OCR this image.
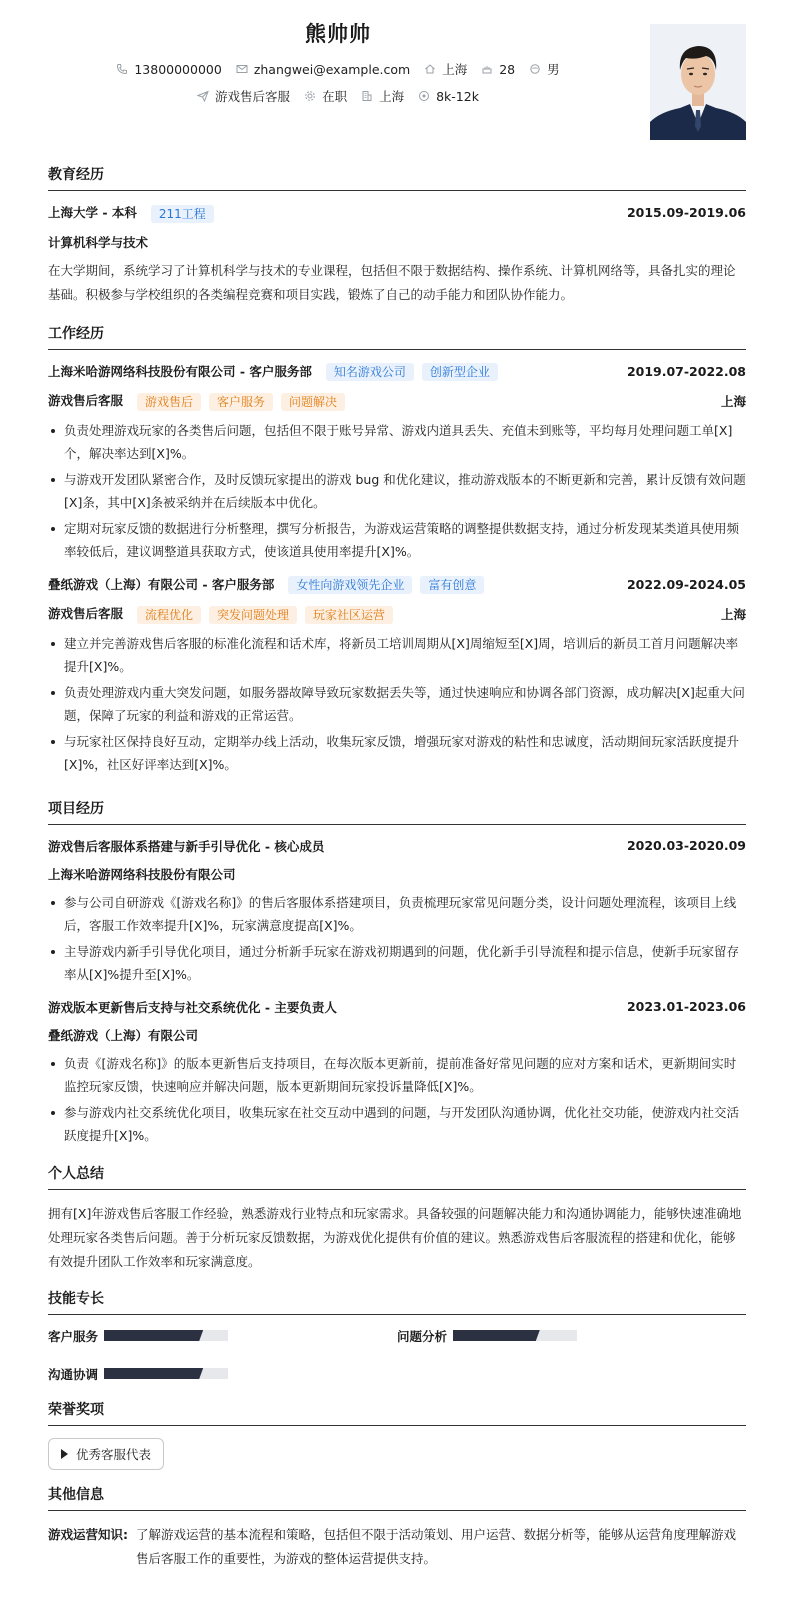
熊帅帅
13800000000	zhangwei@example.com	上海	28	男
游戏售后客服	在职	上海	8k-12k
教育经历
上海大学 - 本科	211工程	2015.09-2019.06
计算机科学与技术
在大学期间，系统学习了计算机科学与技术的专业课程，包括但不限于数据结构、操作系统、计算机网络等，具备扎实的理论基础。积极参与学校组织的各类编程竞赛和项目实践，锻炼了自己的动手能力和团队协作能力。
工作经历
上海米哈游网络科技股份有限公司 - 客户服务部	知名游戏公司	创新型企业	2019.07-2022.08
游戏售后客服	游戏售后	客户服务	问题解决	上海
负责处理游戏玩家的各类售后问题，包括但不限于账号异常、游戏内道具丢失、充值未到账等，平均每月处理问题工单[X]个，解决率达到[X]%。
与游戏开发团队紧密合作，及时反馈玩家提出的游戏 bug 和优化建议，推动游戏版本的不断更新和完善，累计反馈有效问题[X]条，其中[X]条被采纳并在后续版本中优化。
定期对玩家反馈的数据进行分析整理，撰写分析报告，为游戏运营策略的调整提供数据支持，通过分析发现某类道具使用频率较低后，建议调整道具获取方式，使该道具使用率提升[X]%。
叠纸游戏（上海）有限公司 - 客户服务部	女性向游戏领先企业	富有创意	2022.09-2024.05
游戏售后客服	流程优化	突发问题处理	玩家社区运营	上海
建立并完善游戏售后客服的标准化流程和话术库，将新员工培训周期从[X]周缩短至[X]周，培训后的新员工首月问题解决率提升[X]%。
负责处理游戏内重大突发问题，如服务器故障导致玩家数据丢失等，通过快速响应和协调各部门资源，成功解决[X]起重大问题，保障了玩家的利益和游戏的正常运营。
与玩家社区保持良好互动，定期举办线上活动，收集玩家反馈，增强玩家对游戏的粘性和忠诚度，活动期间玩家活跃度提升[X]%，社区好评率达到[X]%。
项目经历
游戏售后客服体系搭建与新手引导优化 - 核心成员	2020.03-2020.09
上海米哈游网络科技股份有限公司
参与公司自研游戏《[游戏名称]》的售后客服体系搭建项目，负责梳理玩家常见问题分类，设计问题处理流程，该项目上线后，客服工作效率提升[X]%，玩家满意度提高[X]%。
主导游戏内新手引导优化项目，通过分析新手玩家在游戏初期遇到的问题，优化新手引导流程和提示信息，使新手玩家留存率从[X]%提升至[X]%。
游戏版本更新售后支持与社交系统优化 - 主要负责人	2023.01-2023.06
叠纸游戏（上海）有限公司
负责《[游戏名称]》的版本更新售后支持项目，在每次版本更新前，提前准备好常见问题的应对方案和话术，更新期间实时监控玩家反馈，快速响应并解决问题，版本更新期间玩家投诉量降低[X]%。
参与游戏内社交系统优化项目，收集玩家在社交互动中遇到的问题，与开发团队沟通协调，优化社交功能，使游戏内社交活跃度提升[X]%。
个人总结
拥有[X]年游戏售后客服工作经验，熟悉游戏行业特点和玩家需求。具备较强的问题解决能力和沟通协调能力，能够快速准确地处理玩家各类售后问题。善于分析玩家反馈数据，为游戏优化提供有价值的建议。熟悉游戏售后客服流程的搭建和优化，能够有效提升团队工作效率和玩家满意度。
技能专长
客户服务	问题分析
沟通协调
荣誉奖项
优秀客服代表
其他信息
游戏运营知识: 了解游戏运营的基本流程和策略，包括但不限于活动策划、用户运营、数据分析等，能够从运营角度理解游戏售后客服工作的重要性，为游戏的整体运营提供支持。
